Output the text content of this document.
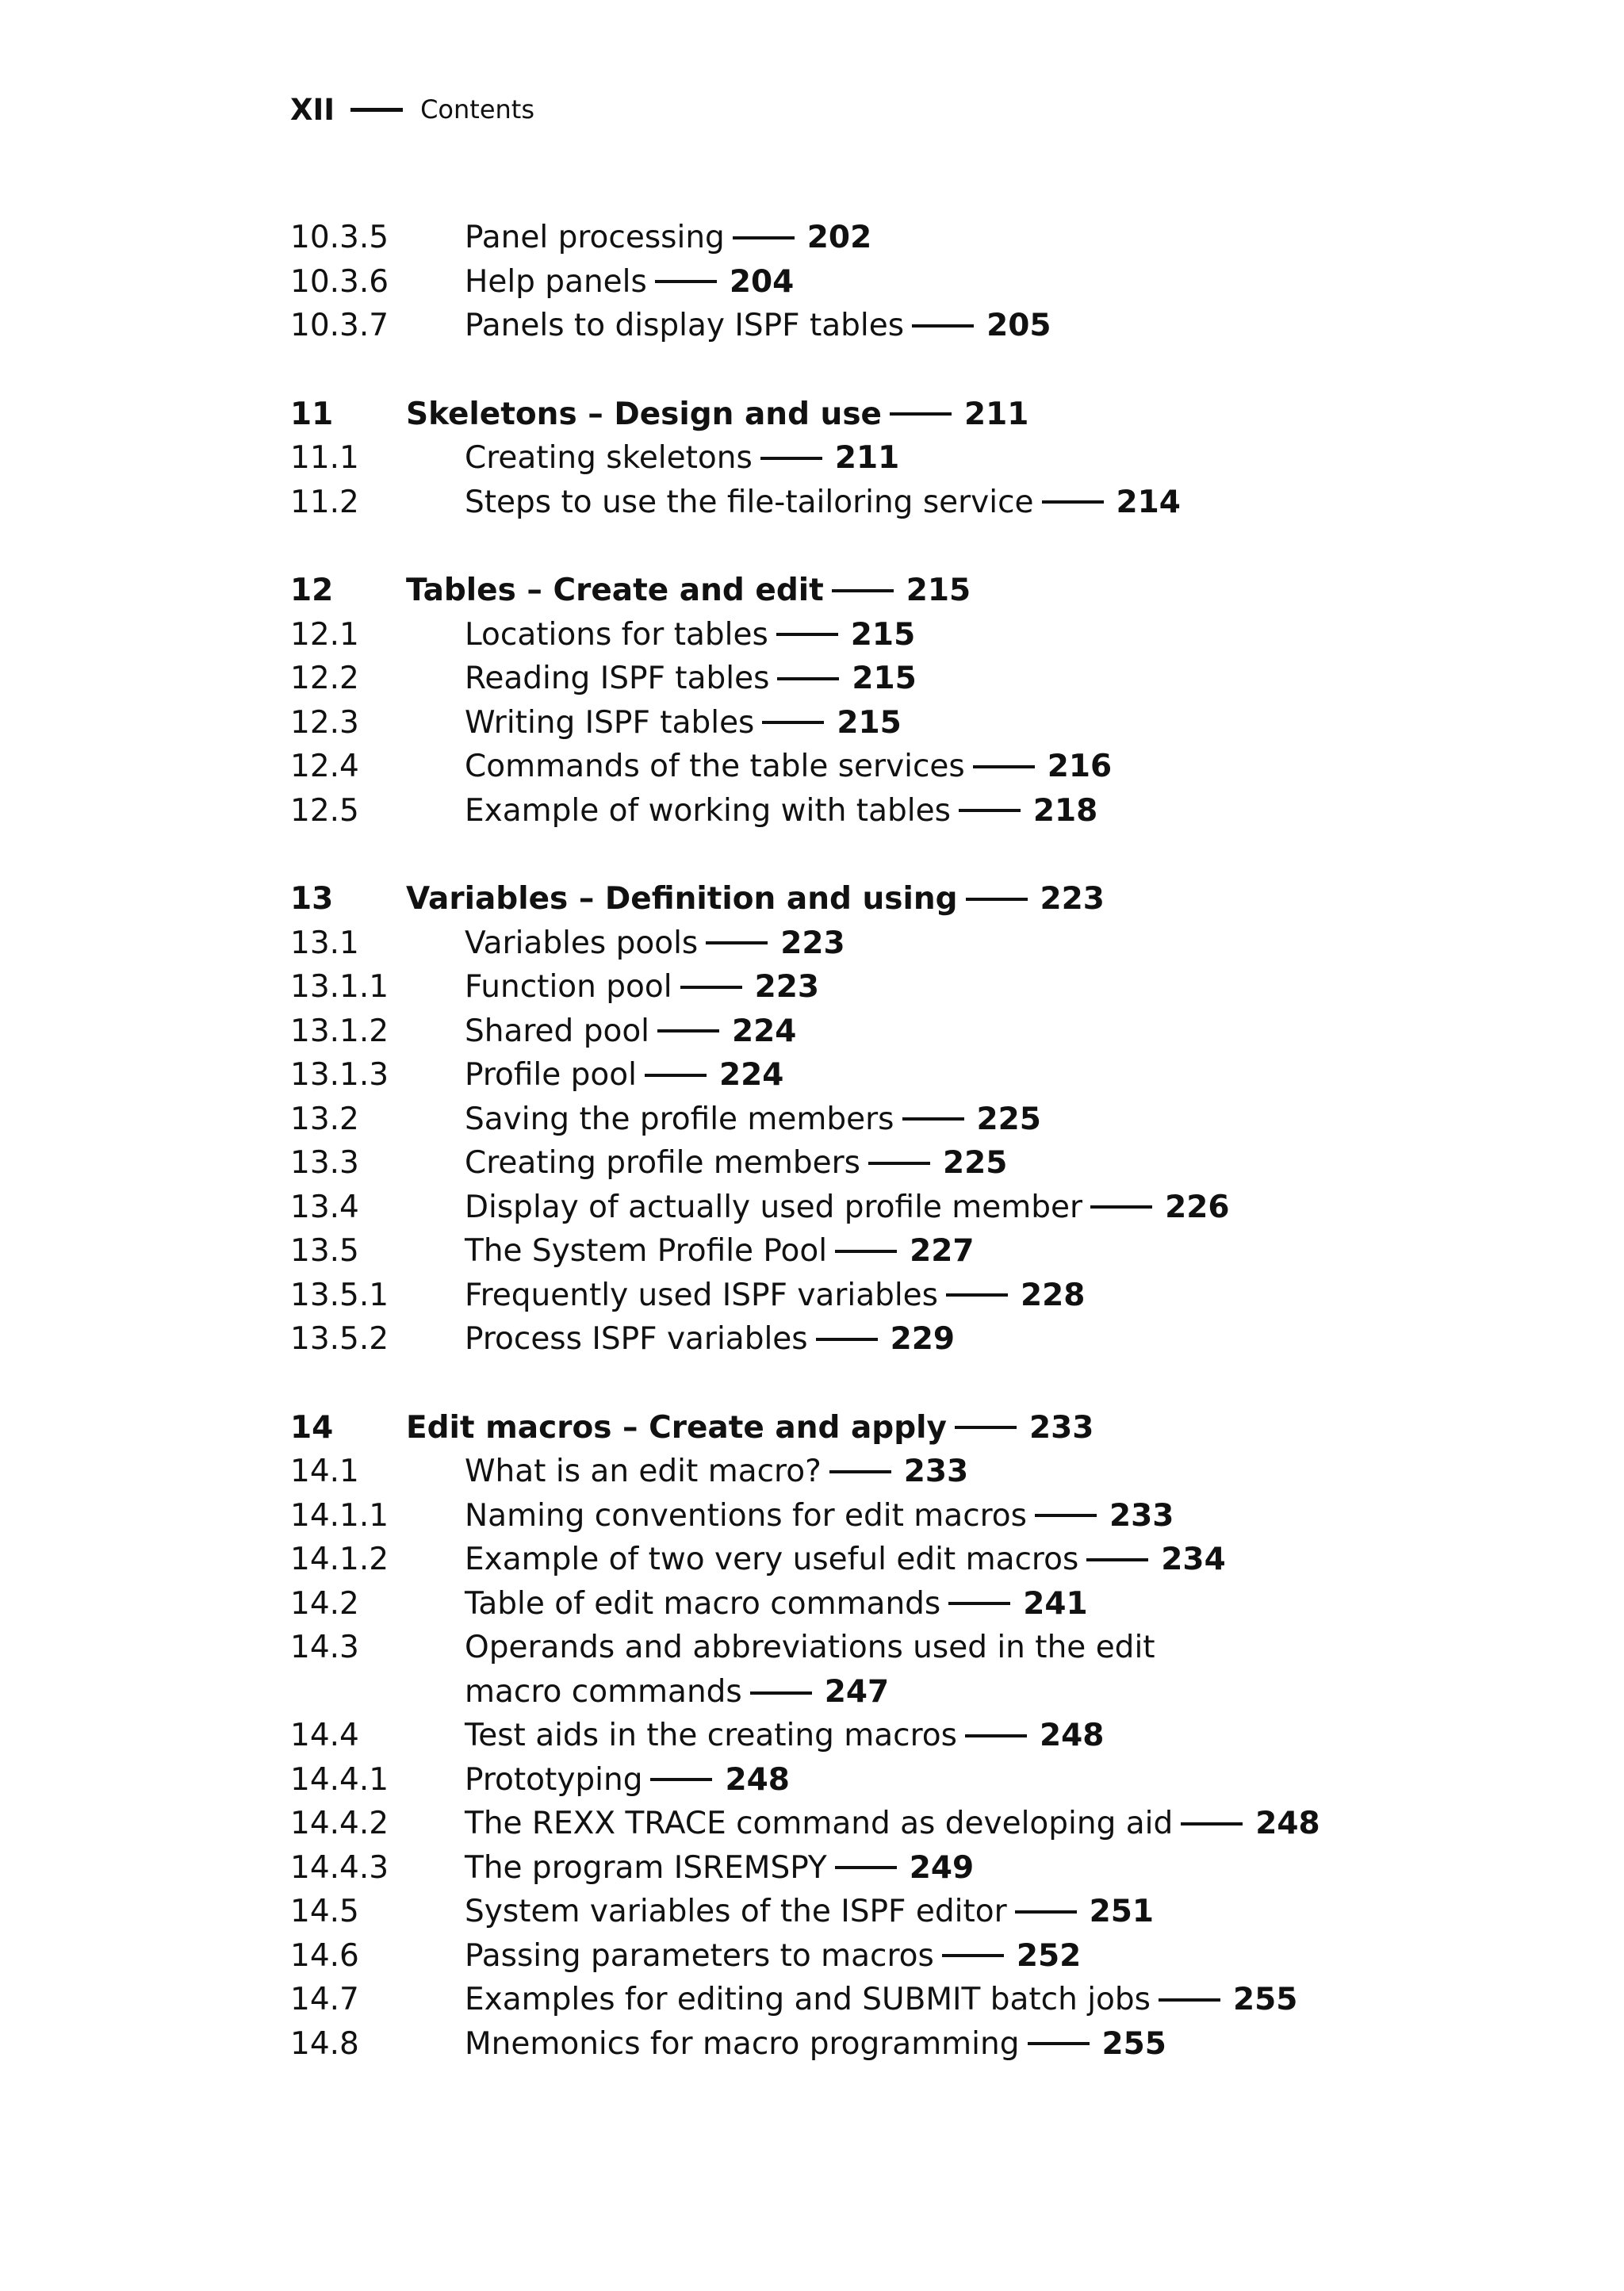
XII	Contents
10.3.5 Panel processing	202
10.3.6 Help panels	204
10.3.7 Panels to display ISPF tables	205
11 Skeletons – Design and use	211
11.1	Creating skeletons	211
11.2	Steps to use the file-tailoring service	214
12 Tables – Create and edit	215
12.1	Locations for tables	215
12.2	Reading ISPF tables	215
12.3	Writing ISPF tables	215
12.4	Commands of the table services	216
12.5	Example of working with tables	218
13 Variables – Definition and using	223
13.1	Variables pools	223
13.1.1 Function pool	223
13.1.2 Shared pool	224
13.1.3 Profile pool	224
13.2	Saving the profile members	225
13.3	Creating profile members	225
13.4	Display of actually used profile member	226
13.5	The System Profile Pool	227
13.5.1 Frequently used ISPF variables	228
13.5.2 Process ISPF variables	229
14 Edit macros – Create and apply	233
14.1	What is an edit macro?	233
14.1.1 Naming conventions for edit macros	233
14.1.2 Example of two very useful edit macros	234
14.2	Table of edit macro commands	241
14.3	Operands and abbreviations used in the edit macro commands	247
14.4	Test aids in the creating macros	248
14.4.1 Prototyping	248
14.4.2 The REXX TRACE command as developing aid	248
14.4.3 The program ISREMSPY	249
14.5	System variables of the ISPF editor	251
14.6	Passing parameters to macros	252
14.7	Examples for editing and SUBMIT batch jobs	255
14.8	Mnemonics for macro programming	255
